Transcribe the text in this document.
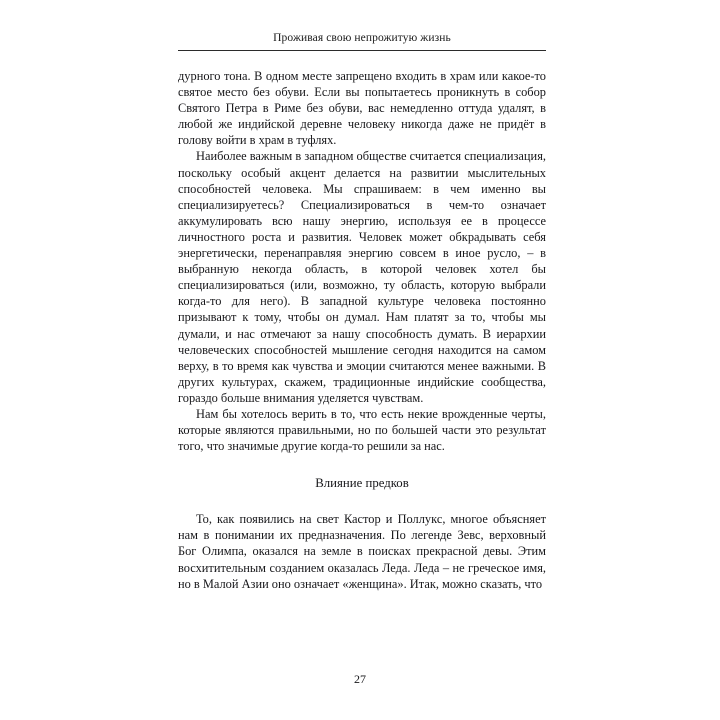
Проживая свою непрожитую жизнь

дурного тона. В одном месте запрещено входить в храм или какое-то святое место без обуви. Если вы попытаетесь проникнуть в собор Святого Петра в Риме без обуви, вас немедленно оттуда удалят, в любой же индийской деревне человеку никогда даже не придёт в голову войти в храм в туфлях.

Наиболее важным в западном обществе считается специализация, поскольку особый акцент делается на развитии мыслительных способностей человека. Мы спрашиваем: в чем именно вы специализируетесь? Специализироваться в чем-то означает аккумулировать всю нашу энергию, используя ее в процессе личностного роста и развития. Человек может обкрадывать себя энергетически, перенаправляя энергию совсем в иное русло, – в выбранную некогда область, в которой человек хотел бы специализироваться (или, возможно, ту область, которую выбрали когда-то для него). В западной культуре человека постоянно призывают к тому, чтобы он думал. Нам платят за то, чтобы мы думали, и нас отмечают за нашу способность думать. В иерархии человеческих способностей мышление сегодня находится на самом верху, в то время как чувства и эмоции считаются менее важными. В других культурах, скажем, традиционные индийские сообщества, гораздо больше внимания уделяется чувствам.

Нам бы хотелось верить в то, что есть некие врожденные черты, которые являются правильными, но по большей части это результат того, что значимые другие когда-то решили за нас.

Влияние предков

То, как появились на свет Кастор и Поллукс, многое объясняет нам в понимании их предназначения. По легенде Зевс, верховный Бог Олимпа, оказался на земле в поисках прекрасной девы. Этим восхитительным созданием оказалась Леда. Леда – не греческое имя, но в Малой Азии оно означает «женщина». Итак, можно сказать, что

27
